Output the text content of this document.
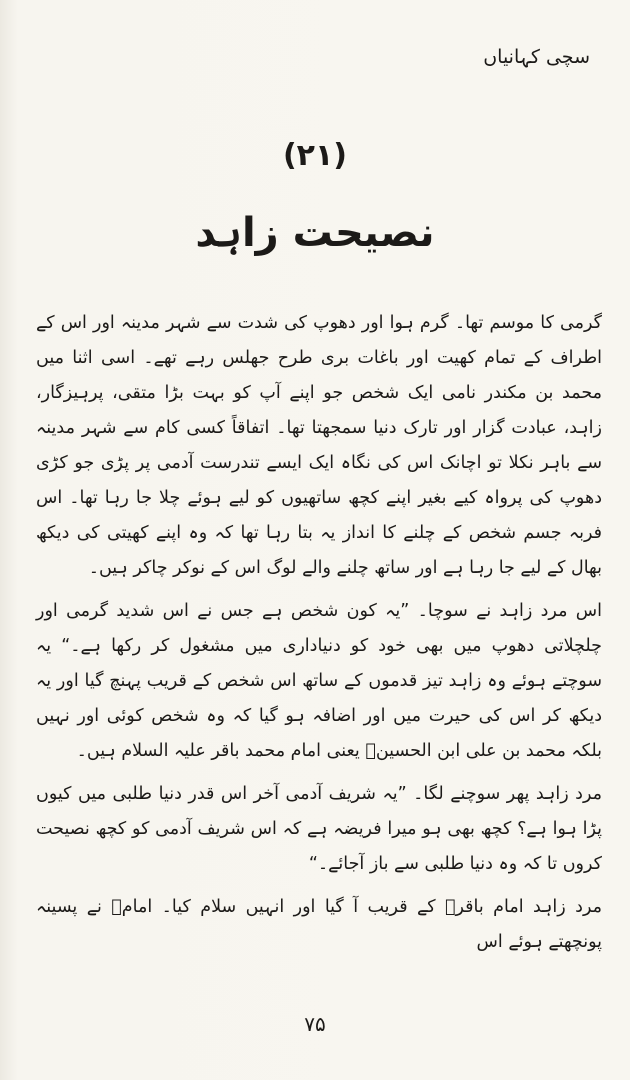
سچی کہانیاں
(۲۱)
نصیحت زاہد

گرمی کا موسم تھا۔ گرم ہوا اور دھوپ کی شدت سے شہر مدینہ اور اس کے اطراف کے تمام کھیت اور باغات بری طرح جھلس رہے تھے۔ اسی اثنا میں محمد بن مکندر نامی ایک شخص جو اپنے آپ کو بہت بڑا متقی، پرہیزگار، زاہد، عبادت گزار اور تارک دنیا سمجھتا تھا۔ اتفاقاً کسی کام سے شہر مدینہ سے باہر نکلا تو اچانک اس کی نگاہ ایک ایسے تندرست آدمی پر پڑی جو کڑی دھوپ کی پرواہ کیے بغیر اپنے کچھ ساتھیوں کو لیے ہوئے چلا جا رہا تھا۔ اس فربہ جسم شخص کے چلنے کا انداز یہ بتا رہا تھا کہ وہ اپنے کھیتی کی دیکھ بھال کے لیے جا رہا ہے اور ساتھ چلنے والے لوگ اس کے نوکر چاکر ہیں۔

اس مرد زاہد نے سوچا۔ ”یہ کون شخص ہے جس نے اس شدید گرمی اور چلچلاتی دھوپ میں بھی خود کو دنیاداری میں مشغول کر رکھا ہے۔“ یہ سوچتے ہوئے وہ زاہد تیز قدموں کے ساتھ اس شخص کے قریب پہنچ گیا اور یہ دیکھ کر اس کی حیرت میں اور اضافہ ہو گیا کہ وہ شخص کوئی اور نہیں بلکہ محمد بن علی ابن الحسینؑ یعنی امام محمد باقر علیہ السلام ہیں۔

مرد زاہد پھر سوچنے لگا۔ ”یہ شریف آدمی آخر اس قدر دنیا طلبی میں کیوں پڑا ہوا ہے؟ کچھ بھی ہو میرا فریضہ ہے کہ اس شریف آدمی کو کچھ نصیحت کروں تا کہ وہ دنیا طلبی سے باز آجائے۔“

مرد زاہد امام باقرؑ کے قریب آ گیا اور انہیں سلام کیا۔ امامؑ نے پسینہ پونچھتے ہوئے اس

۷۵
